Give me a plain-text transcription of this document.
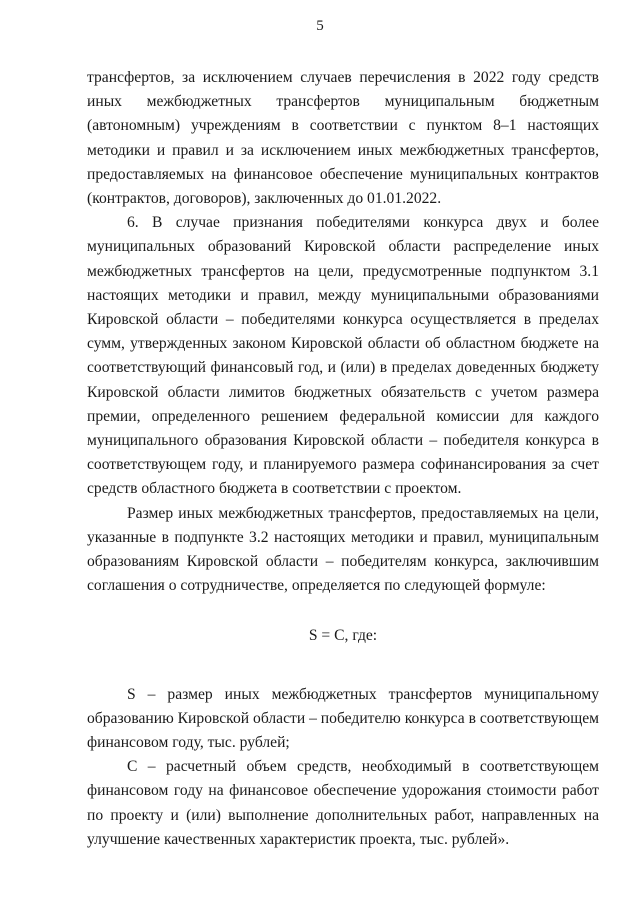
5

трансфертов, за исключением случаев перечисления в 2022 году средств иных межбюджетных трансфертов муниципальным бюджетным (автономным) учреждениям в соответствии с пунктом 8–1 настоящих методики и правил и за исключением иных межбюджетных трансфертов, предоставляемых на финансовое обеспечение муниципальных контрактов (контрактов, договоров), заключенных до 01.01.2022.

6. В случае признания победителями конкурса двух и более муниципальных образований Кировской области распределение иных межбюджетных трансфертов на цели, предусмотренные подпунктом 3.1 настоящих методики и правил, между муниципальными образованиями Кировской области – победителями конкурса осуществляется в пределах сумм, утвержденных законом Кировской области об областном бюджете на соответствующий финансовый год, и (или) в пределах доведенных бюджету Кировской области лимитов бюджетных обязательств с учетом размера премии, определенного решением федеральной комиссии для каждого муниципального образования Кировской области – победителя конкурса в соответствующем году, и планируемого размера софинансирования за счет средств областного бюджета в соответствии с проектом.

Размер иных межбюджетных трансфертов, предоставляемых на цели, указанные в подпункте 3.2 настоящих методики и правил, муниципальным образованиям Кировской области – победителям конкурса, заключившим соглашения о сотрудничестве, определяется по следующей формуле:

S = C, где:

S – размер иных межбюджетных трансфертов муниципальному образованию Кировской области – победителю конкурса в соответствующем финансовом году, тыс. рублей;

C – расчетный объем средств, необходимый в соответствующем финансовом году на финансовое обеспечение удорожания стоимости работ по проекту и (или) выполнение дополнительных работ, направленных на улучшение качественных характеристик проекта, тыс. рублей».
